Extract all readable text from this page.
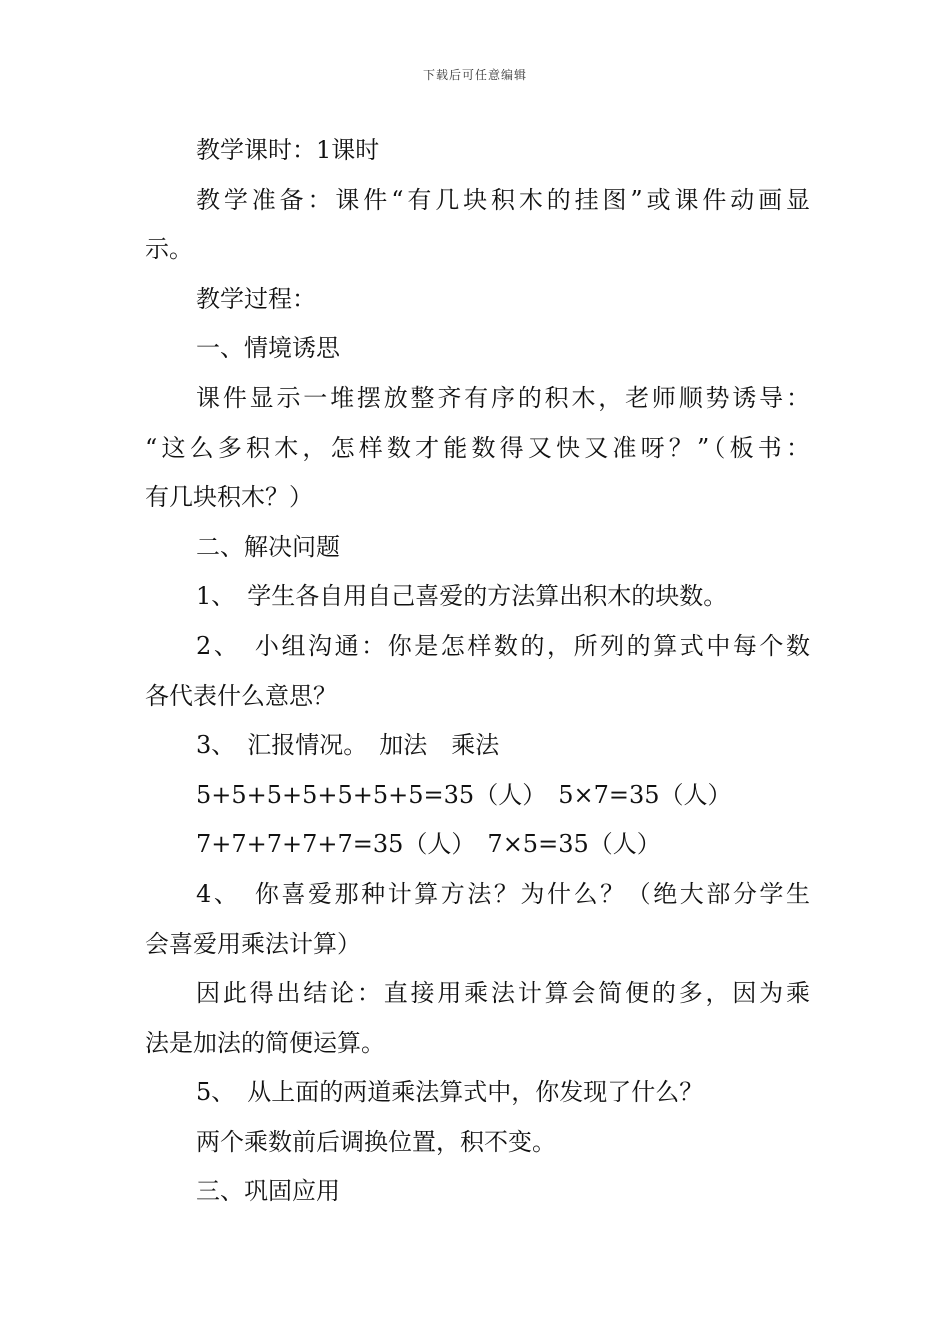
下载后可任意编辑
教学课时：1课时
教学准备：课件“有几块积木的挂图”或课件动画显
示。
教学过程：
一、情境诱思
课件显示一堆摆放整齐有序的积木，老师顺势诱导：
“这么多积木，怎样数才能数得又快又准呀？”（板书：
有几块积木？）
二、解决问题
1、　学生各自用自己喜爱的方法算出积木的块数。
2、　小组沟通：你是怎样数的，所列的算式中每个数
各代表什么意思？
3、　汇报情况。　加法　乘法
5+5+5+5+5+5+5=35（人）　5×7=35（人）
7+7+7+7+7=35（人）　7×5=35（人）
4、　你喜爱那种计算方法？为什么？（绝大部分学生
会喜爱用乘法计算）
因此得出结论：直接用乘法计算会简便的多，因为乘
法是加法的简便运算。
5、　从上面的两道乘法算式中，你发现了什么？
两个乘数前后调换位置，积不变。
三、巩固应用
